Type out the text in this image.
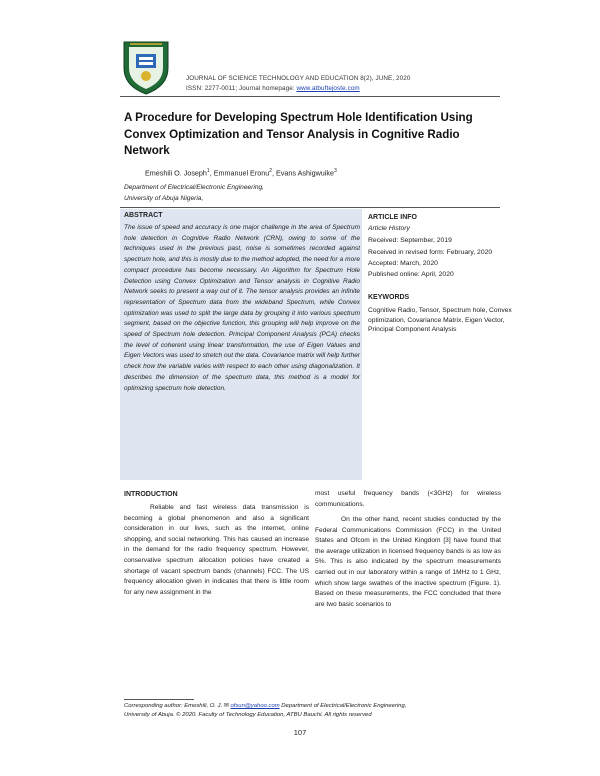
JOURNAL OF SCIENCE TECHNOLOGY AND EDUCATION 8(2), JUNE, 2020
ISSN: 2277-0011; Journal homepage: www.atbuftejoste.com
A Procedure for Developing Spectrum Hole Identification Using Convex Optimization and Tensor Analysis in Cognitive Radio Network
Emeshili O. Joseph$^1$, Emmanuel Eronu$^2$, Evans Ashigwuike$^3$
Department of Electrical/Electronic Engineering,
University of Abuja Nigeria,
ABSTRACT
The issue of speed and accuracy is one major challenge in the area of Spectrum hole detection in Cognitive Radio Network (CRN), owing to some of the techniques used in the previous past, noise is sometimes recorded against spectrum hole, and this is mostly due to the method adopted, the need for a more compact procedure has become necessary. An Algorithm for Spectrum Hole Detection using Convex Optimization and Tensor analysis in Cognitive Radio Network seeks to present a way out of it. The tensor analysis provides an infinite representation of Spectrum data from the wideband Spectrum, while Convex optimization was used to split the large data by grouping it into various spectrum segment, based on the objective function, this grouping will help improve on the speed of Spectrum hole detection. Principal Component Analysis (PCA) checks the level of coherent using linear transformation, the use of Eigen Values and Eigen Vectors was used to stretch out the data. Covariance matrix will help further check how the variable varies with respect to each other using diagonalization. It describes the dimension of the spectrum data, this method is a model for optimizing spectrum hole detection.
ARTICLE INFO
Article History
Received: September, 2019
Received in revised form: February, 2020
Accepted: March, 2020
Published online: April, 2020
KEYWORDS
Cognitive Radio, Tensor, Spectrum hole, Convex optimization, Covariance Matrix, Eigen Vector, Principal Component Analysis
INTRODUCTION
Reliable and fast wireless data transmission is becoming a global phenomenon and also a significant consideration in our lives, such as the internet, online shopping, and social networking. This has caused an increase in the demand for the radio frequency spectrum. However, conservative spectrum allocation policies have created a shortage of vacant spectrum bands (channels) FCC. The US frequency allocation given in indicates that there is little room for any new assignment in the
most useful frequency bands (<3GHz) for wireless communications.
On the other hand, recent studies conducted by the Federal Communications Commission (FCC) in the United States and Ofcom in the United Kingdom [3] have found that the average utilization in licensed frequency bands is as low as 5%. This is also indicated by the spectrum measurements carried out in our laboratory within a range of 1MHz to 1 GHz, which show large swathes of the inactive spectrum (Figure. 1). Based on these measurements, the FCC concluded that there are two basic scenarios to
Corresponding author: Emeshili, O. J. ✉ ofsun@yahoo.com Department of Electrical/Electronic Engineering,
University of Abuja. © 2020. Faculty of Technology Education, ATBU Bauchi. All rights reserved
107
